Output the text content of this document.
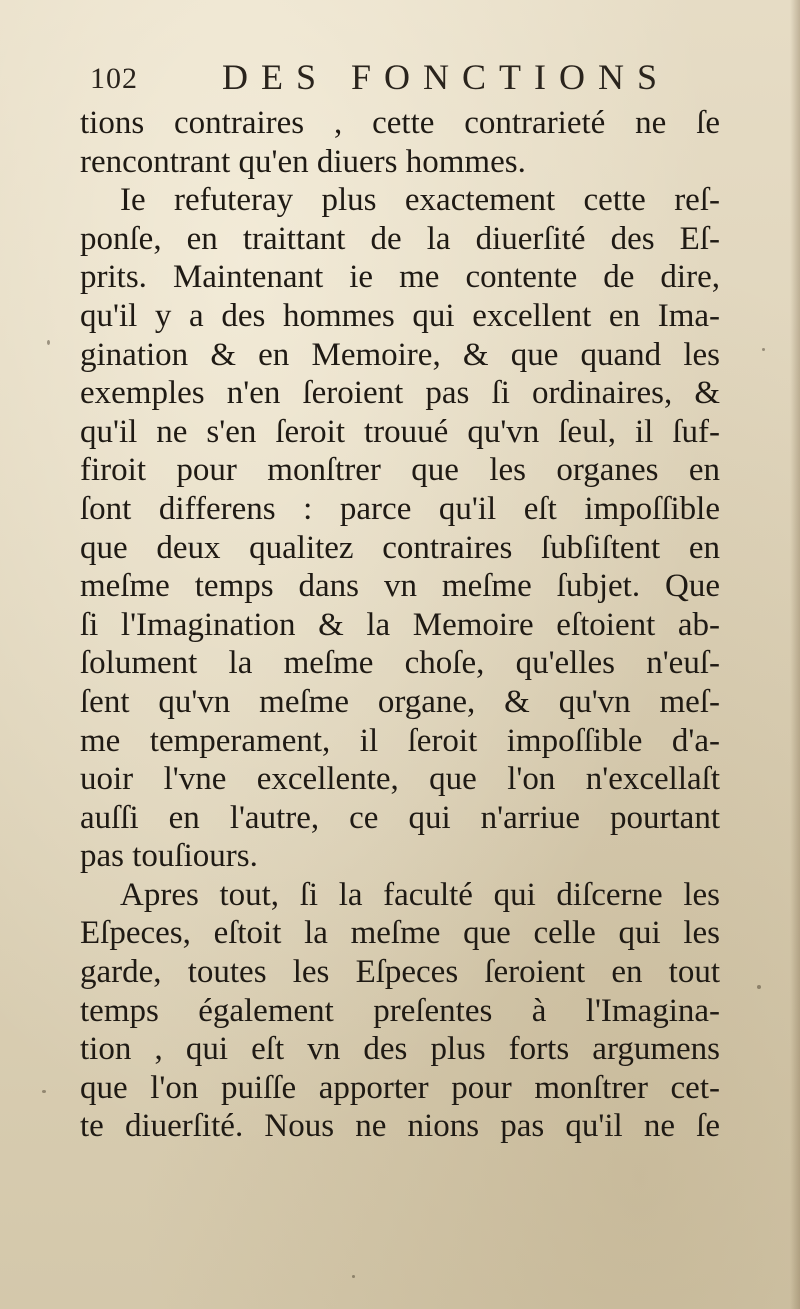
102 DES FONCTIONS
tions contraires , cette contrarieté ne ſe
rencontrant qu'en diuers hommes.
Ie refuteray plus exactement cette reſ-
ponſe, en traittant de la diuerſité des Eſ-
prits. Maintenant ie me contente de dire,
qu'il y a des hommes qui excellent en Ima-
gination & en Memoire, & que quand les
exemples n'en ſeroient pas ſi ordinaires, &
qu'il ne s'en ſeroit trouué qu'vn ſeul, il ſuf-
firoit pour monſtrer que les organes en
ſont differens : parce qu'il eſt impoſſible
que deux qualitez contraires ſubſiſtent en
meſme temps dans vn meſme ſubjet. Que
ſi l'Imagination & la Memoire eſtoient ab-
ſolument la meſme choſe, qu'elles n'euſ-
ſent qu'vn meſme organe, & qu'vn meſ-
me temperament, il ſeroit impoſſible d'a-
uoir l'vne excellente, que l'on n'excellaſt
auſſi en l'autre, ce qui n'arriue pourtant
pas touſiours.
Apres tout, ſi la faculté qui diſcerne les
Eſpeces, eſtoit la meſme que celle qui les
garde, toutes les Eſpeces ſeroient en tout
temps également preſentes à l'Imagina-
tion , qui eſt vn des plus forts argumens
que l'on puiſſe apporter pour monſtrer cet-
te diuerſité. Nous ne nions pas qu'il ne ſe
